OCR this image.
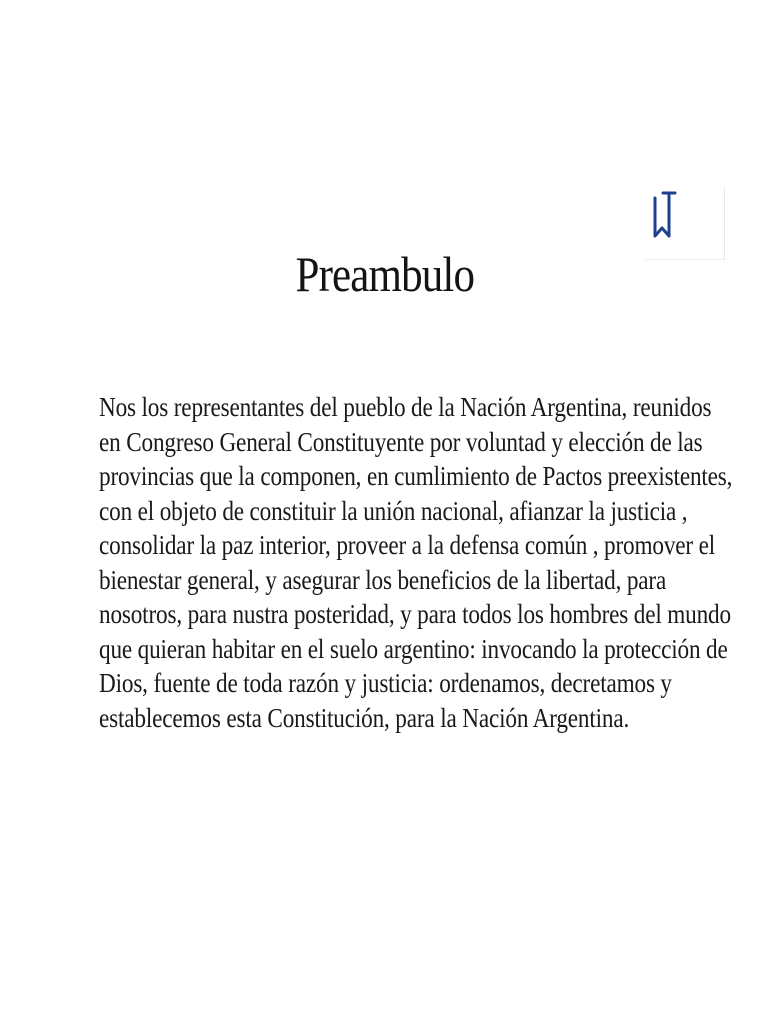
Preambulo
Nos los representantes del pueblo de la Nación Argentina, reunidos
en Congreso General Constituyente por voluntad y elección de las
provincias que la componen, en cumlimiento de Pactos preexistentes,
con el objeto de constituir la unión nacional, afianzar la justicia ,
consolidar la paz interior, proveer a la defensa común , promover el
bienestar general, y asegurar los beneficios de la libertad, para
nosotros, para nustra posteridad, y para todos los hombres del mundo
que quieran habitar en el suelo argentino: invocando la protección de
Dios, fuente de toda razón y justicia: ordenamos, decretamos y
establecemos esta Constitución, para la Nación Argentina.
